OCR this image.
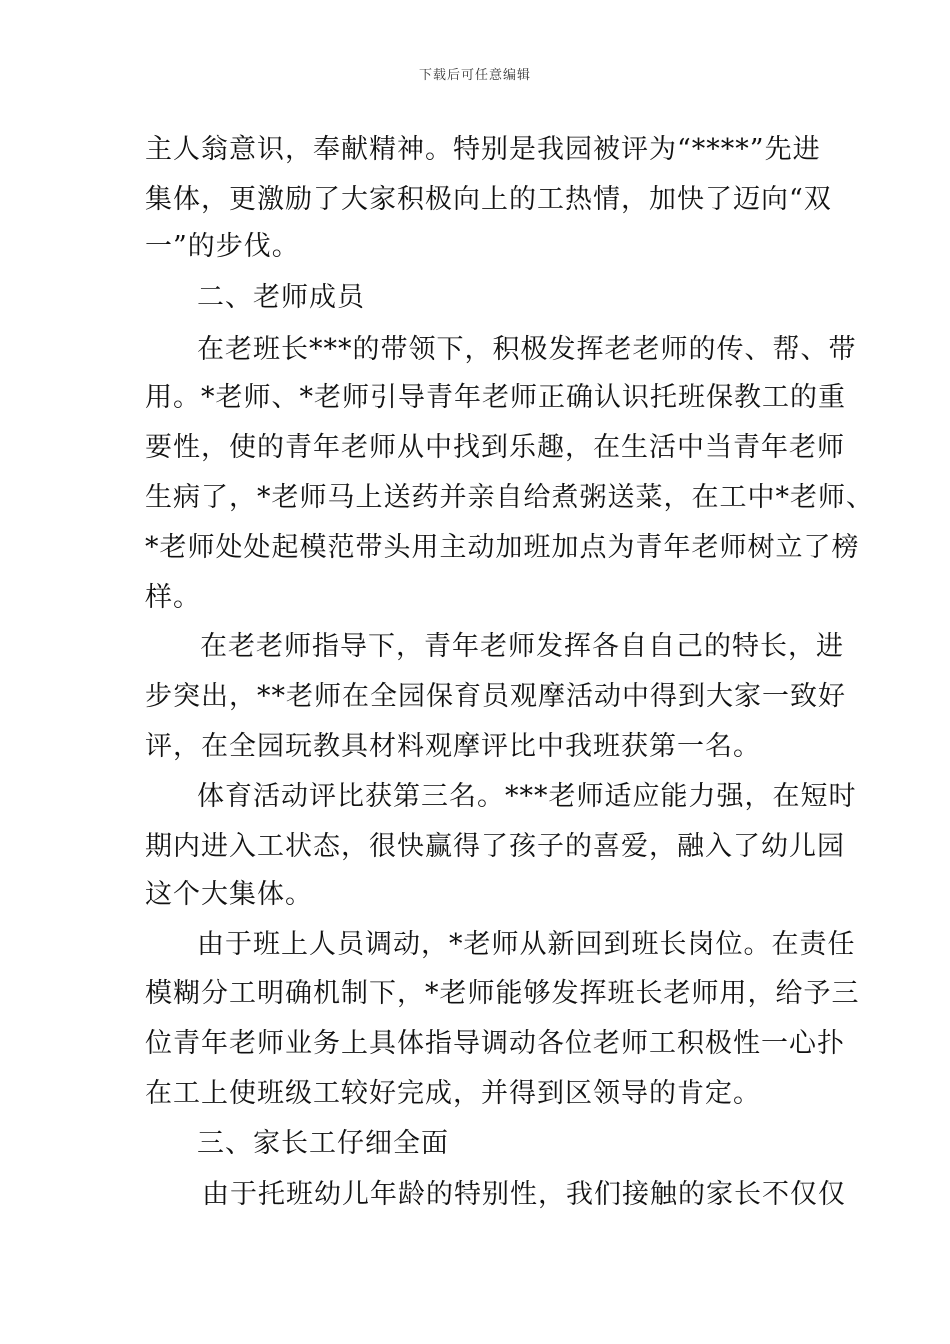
下载后可任意编辑
主人翁意识，奉献精神。特别是我园被评为“****”先进
集体，更激励了大家积极向上的工热情，加快了迈向“双
一”的步伐。
二、老师成员
在老班长***的带领下，积极发挥老老师的传、帮、带
用。*老师、*老师引导青年老师正确认识托班保教工的重
要性，使的青年老师从中找到乐趣，在生活中当青年老师
生病了，*老师马上送药并亲自给煮粥送菜，在工中*老师、
*老师处处起模范带头用主动加班加点为青年老师树立了榜
样。
在老老师指导下，青年老师发挥各自自己的特长，进
步突出，**老师在全园保育员观摩活动中得到大家一致好
评，在全园玩教具材料观摩评比中我班获第一名。
体育活动评比获第三名。***老师适应能力强，在短时
期内进入工状态，很快赢得了孩子的喜爱，融入了幼儿园
这个大集体。
由于班上人员调动，*老师从新回到班长岗位。在责任
模糊分工明确机制下，*老师能够发挥班长老师用，给予三
位青年老师业务上具体指导调动各位老师工积极性一心扑
在工上使班级工较好完成，并得到区领导的肯定。
三、家长工仔细全面
由于托班幼儿年龄的特别性，我们接触的家长不仅仅
